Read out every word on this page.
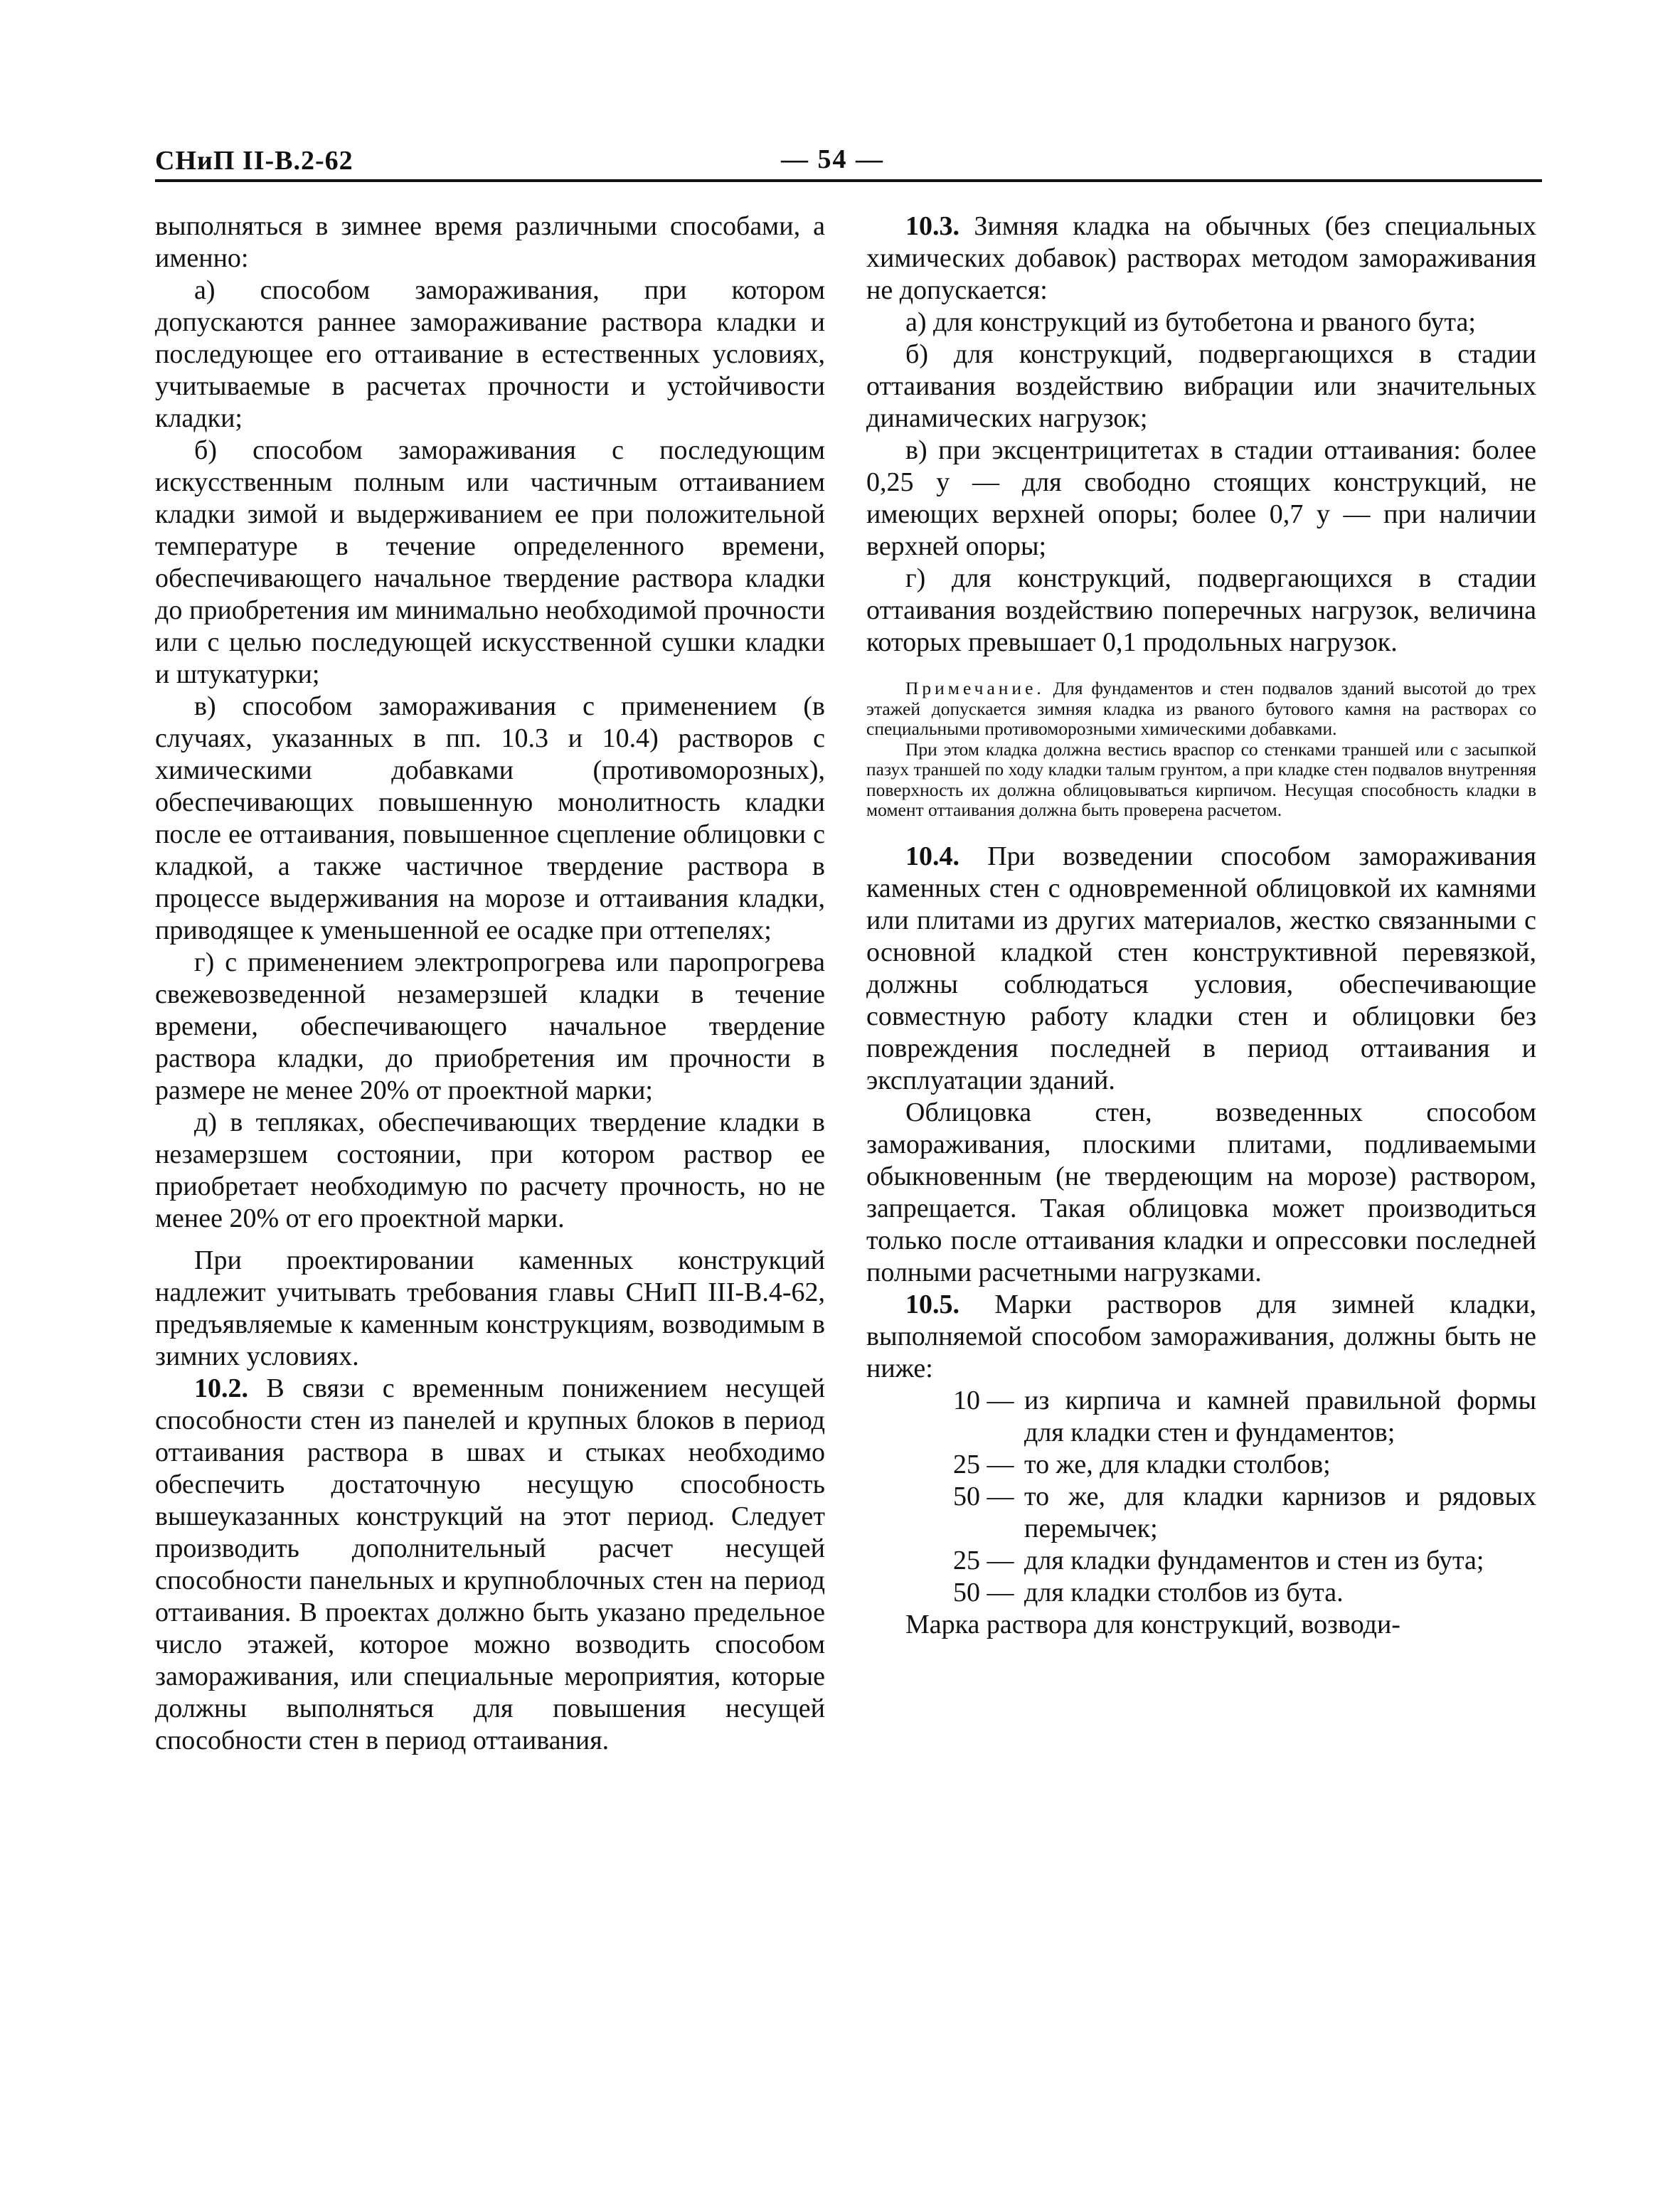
СНиП II-В.2-62	— 54 —

выполняться в зимнее время различными способами, а именно:

а) способом замораживания, при котором допускаются раннее замораживание раствора кладки и последующее его оттаивание в естественных условиях, учитываемые в расчетах прочности и устойчивости кладки;

б) способом замораживания с последующим искусственным полным или частичным оттаиванием кладки зимой и выдерживанием ее при положительной температуре в течение определенного времени, обеспечивающего начальное твердение раствора кладки до приобретения им минимально необходимой прочности или с целью последующей искусственной сушки кладки и штукатурки;

в) способом замораживания с применением (в случаях, указанных в пп. 10.3 и 10.4) растворов с химическими добавками (противоморозных), обеспечивающих повышенную монолитность кладки после ее оттаивания, повышенное сцепление облицовки с кладкой, а также частичное твердение раствора в процессе выдерживания на морозе и оттаивания кладки, приводящее к уменьшенной ее осадке при оттепелях;

г) с применением электропрогрева или паропрогрева свежевозведенной незамерзшей кладки в течение времени, обеспечивающего начальное твердение раствора кладки, до приобретения им прочности в размере не менее 20% от проектной марки;

д) в тепляках, обеспечивающих твердение кладки в незамерзшем состоянии, при котором раствор ее приобретает необходимую по расчету прочность, но не менее 20% от его проектной марки.

При проектировании каменных конструкций надлежит учитывать требования главы СНиП III-В.4-62, предъявляемые к каменным конструкциям, возводимым в зимних условиях.

10.2. В связи с временным понижением несущей способности стен из панелей и крупных блоков в период оттаивания раствора в швах и стыках необходимо обеспечить достаточную несущую способность вышеуказанных конструкций на этот период. Следует производить дополнительный расчет несущей способности панельных и крупноблочных стен на период оттаивания. В проектах должно быть указано предельное число этажей, которое можно возводить способом замораживания, или специальные мероприятия, которые должны выполняться для повышения несущей способности стен в период оттаивания.

10.3. Зимняя кладка на обычных (без специальных химических добавок) растворах методом замораживания не допускается:

а) для конструкций из бутобетона и рваного бута;

б) для конструкций, подвергающихся в стадии оттаивания воздействию вибрации или значительных динамических нагрузок;

в) при эксцентрицитетах в стадии оттаивания: более 0,25 y — для свободно стоящих конструкций, не имеющих верхней опоры; более 0,7 y — при наличии верхней опоры;

г) для конструкций, подвергающихся в стадии оттаивания воздействию поперечных нагрузок, величина которых превышает 0,1 продольных нагрузок.

Примечание. Для фундаментов и стен подвалов зданий высотой до трех этажей допускается зимняя кладка из рваного бутового камня на растворах со специальными противоморозными химическими добавками.

При этом кладка должна вестись враспор со стенками траншей или с засыпкой пазух траншей по ходу кладки талым грунтом, а при кладке стен подвалов внутренняя поверхность их должна облицовываться кирпичом. Несущая способность кладки в момент оттаивания должна быть проверена расчетом.

10.4. При возведении способом замораживания каменных стен с одновременной облицовкой их камнями или плитами из других материалов, жестко связанными с основной кладкой стен конструктивной перевязкой, должны соблюдаться условия, обеспечивающие совместную работу кладки стен и облицовки без повреждения последней в период оттаивания и эксплуатации зданий.

Облицовка стен, возведенных способом замораживания, плоскими плитами, подливаемыми обыкновенным (не твердеющим на морозе) раствором, запрещается. Такая облицовка может производиться только после оттаивания кладки и опрессовки последней полными расчетными нагрузками.

10.5. Марки растворов для зимней кладки, выполняемой способом замораживания, должны быть не ниже:

10 — из кирпича и камней правильной формы для кладки стен и фундаментов;
25 — то же, для кладки столбов;
50 — то же, для кладки карнизов и рядовых перемычек;
25 — для кладки фундаментов и стен из бута;
50 — для кладки столбов из бута.

Марка раствора для конструкций, возводи-
